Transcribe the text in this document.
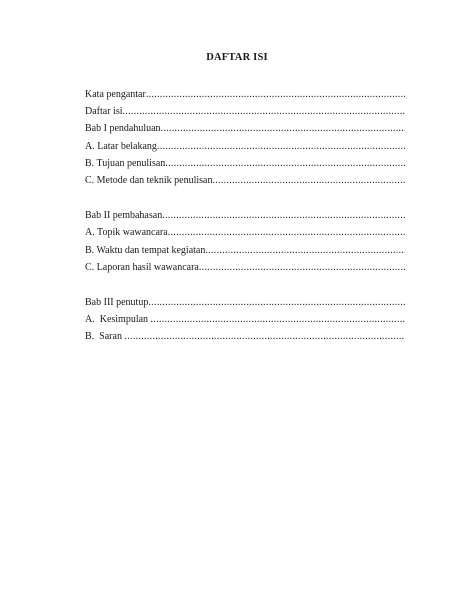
DAFTAR ISI
Kata pengantar .....
Daftar isi .....
Bab I pendahuluan .....
A. Latar belakang .....
B. Tujuan penulisan .....
C. Metode dan teknik penulisan .....
Bab II pembahasan .....
A. Topik wawancara .....
B. Waktu dan tempat kegiatan .....
C. Laporan hasil wawancara .....
Bab III penutup .....
A.  Kesimpulan  .....
B.  Saran  .....
